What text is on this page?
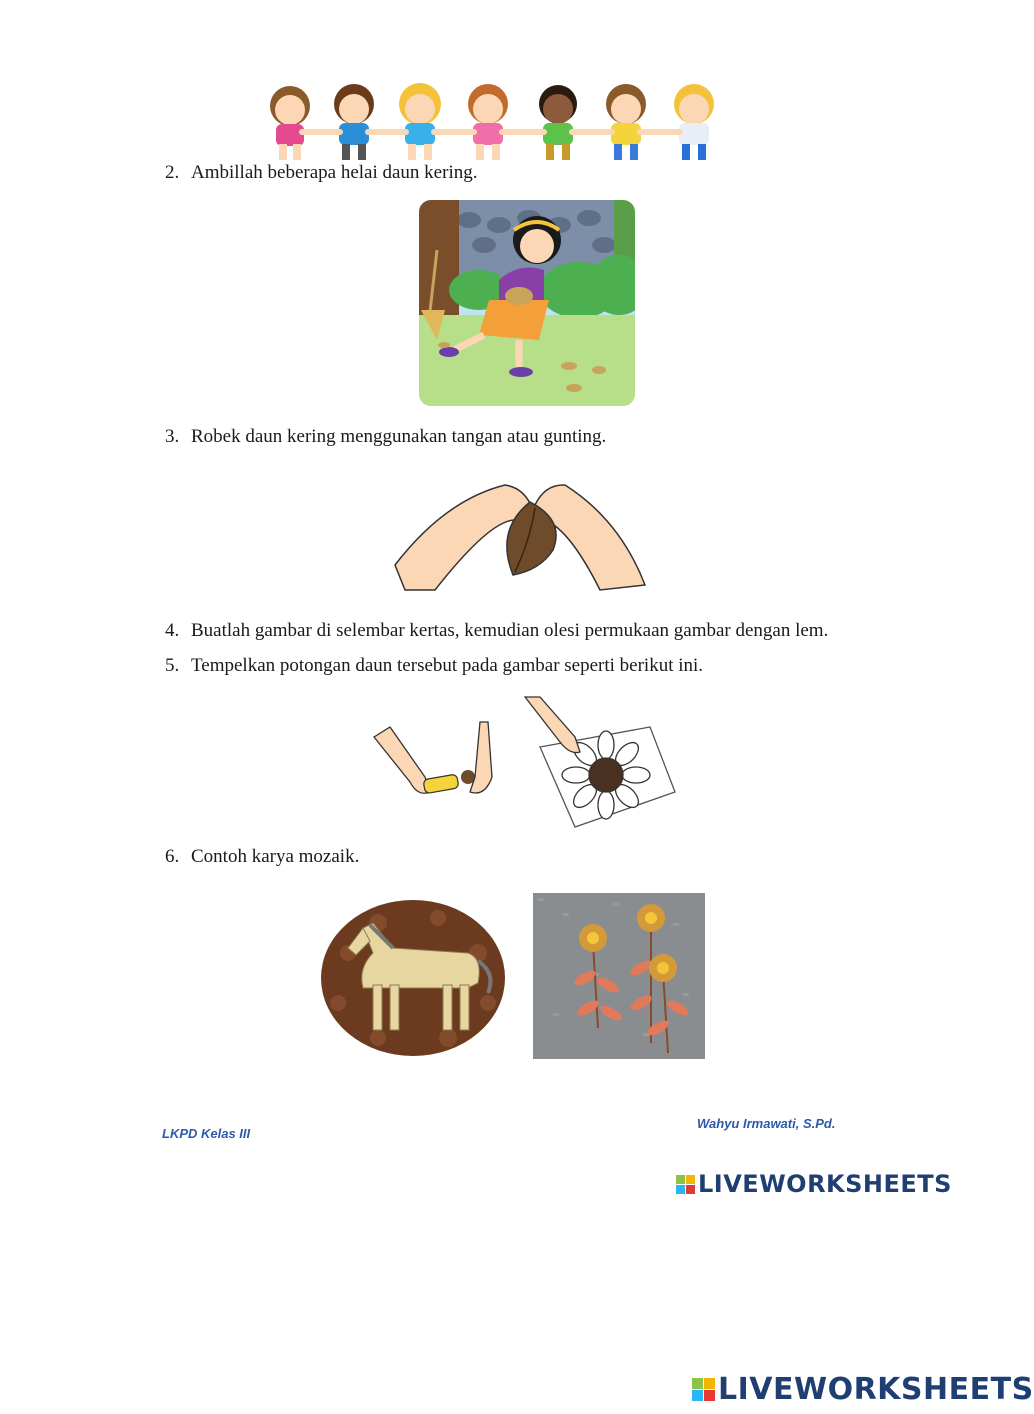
2. Ambillah beberapa helai daun kering.
3. Robek daun kering menggunakan tangan atau gunting.
4. Buatlah gambar di selembar kertas, kemudian olesi permukaan gambar dengan lem.
5. Tempelkan potongan daun tersebut pada gambar seperti berikut ini.
6. Contoh karya mozaik.
LKPD Kelas III
Wahyu Irmawati, S.Pd.
LIVEWORKSHEETS
LIVEWORKSHEETS
